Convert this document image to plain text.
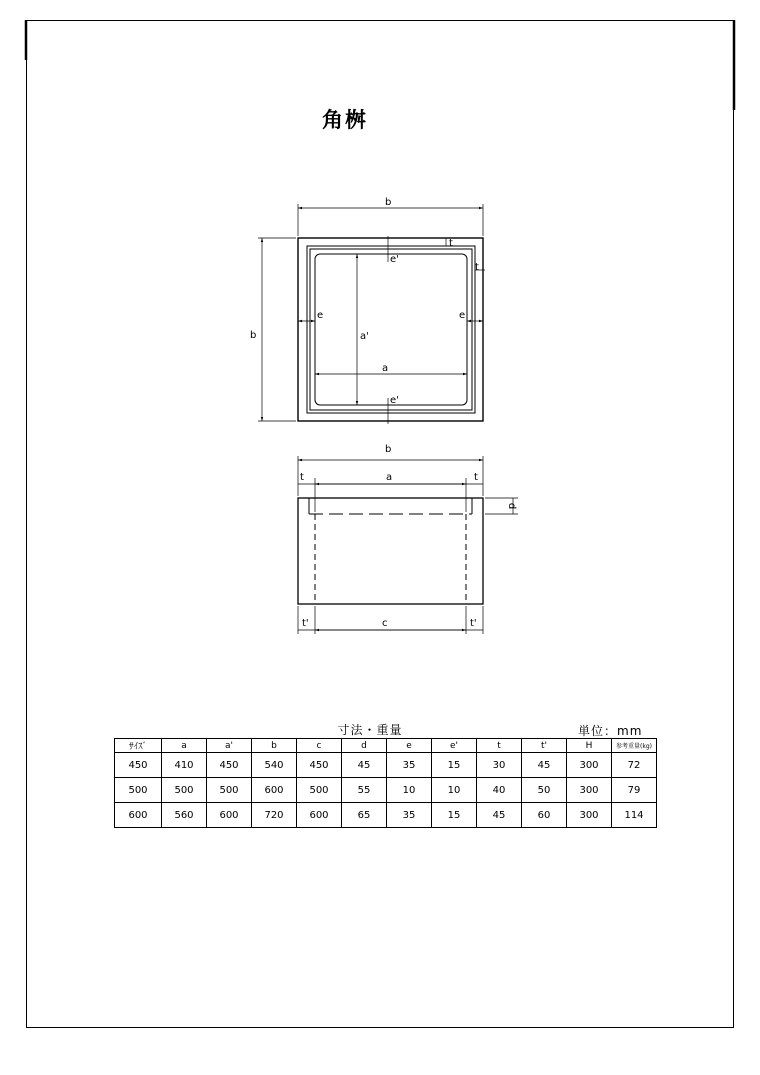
角桝
b
b
t
t
e	e
a'
a
e'
e'
b
a
t	t
d
t'	c	t'
寸法・重量	単位：mm
ｻｲｽﾞ	a	a'	b	c	d	e	e'	t	t'	H	参考重量(kg)
450	410	450	540	450	45	35	15	30	45	300	72
500	500	500	600	500	55	10	10	40	50	300	79
600	560	600	720	600	65	35	15	45	60	300	114
